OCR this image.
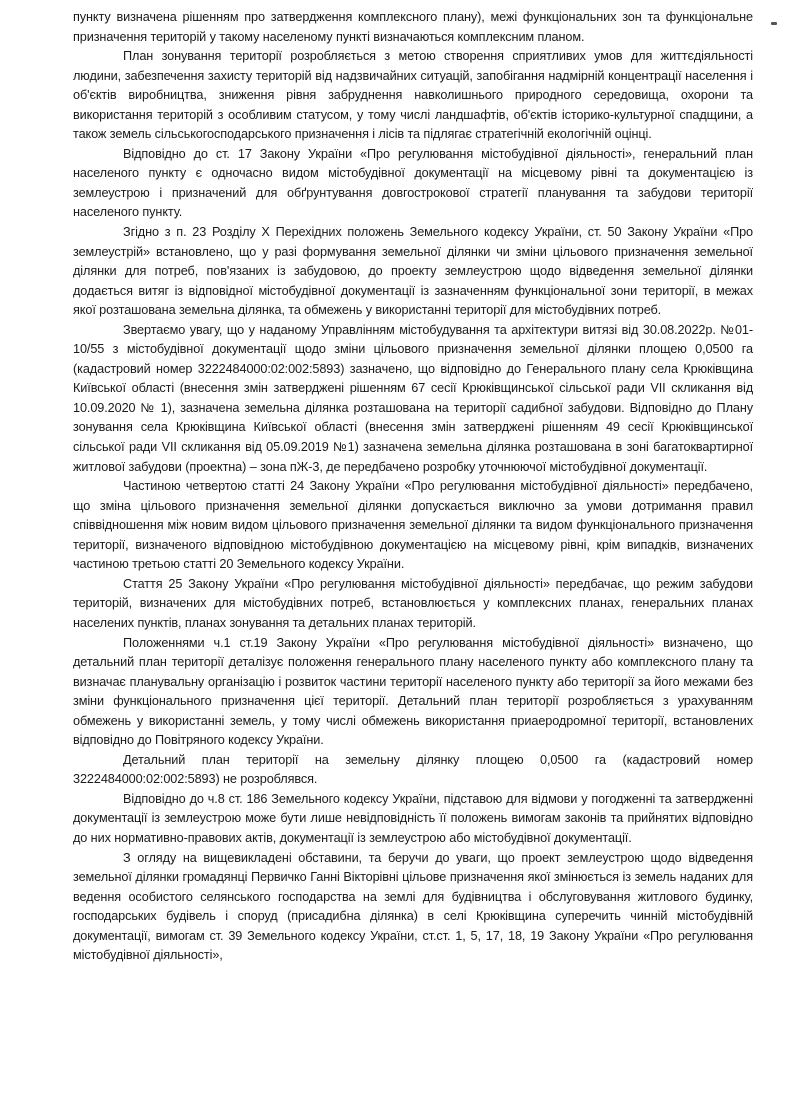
пункту визначена рішенням про затвердження комплексного плану), межі функціональних зон та функціональне призначення територій у такому населеному пункті визначаються комплексним планом.

План зонування території розробляється з метою створення сприятливих умов для життєдіяльності людини, забезпечення захисту територій від надзвичайних ситуацій, запобігання надмірній концентрації населення і об'єктів виробництва, зниження рівня забруднення навколишнього природного середовища, охорони та використання територій з особливим статусом, у тому числі ландшафтів, об'єктів історико-культурної спадщини, а також земель сільськогосподарського призначення і лісів та підлягає стратегічній екологічній оцінці.

Відповідно до ст. 17 Закону України «Про регулювання містобудівної діяльності», генеральний план населеного пункту є одночасно видом містобудівної документації на місцевому рівні та документацією із землеустрою і призначений для обґрунтування довгострокової стратегії планування та забудови території населеного пункту.

Згідно з п. 23 Розділу Х Перехідних положень Земельного кодексу України, ст. 50 Закону України «Про землеустрій» встановлено, що у разі формування земельної ділянки чи зміни цільового призначення земельної ділянки для потреб, пов'язаних із забудовою, до проекту землеустрою щодо відведення земельної ділянки додається витяг із відповідної містобудівної документації із зазначенням функціональної зони території, в межах якої розташована земельна ділянка, та обмежень у використанні території для містобудівних потреб.

Звертаємо увагу, що у наданому Управлінням містобудування та архітектури витязі від 30.08.2022р. №01-10/55 з містобудівної документації щодо зміни цільового призначення земельної ділянки площею 0,0500 га (кадастровий номер 3222484000:02:002:5893) зазначено, що відповідно до Генерального плану села Крюківщина Київської області (внесення змін затверджені рішенням 67 сесії Крюківщинської сільської ради VII скликання від 10.09.2020 № 1), зазначена земельна ділянка розташована на території садибної забудови. Відповідно до Плану зонування села Крюківщина Київської області (внесення змін затверджені рішенням 49 сесії Крюківщинської сільської ради VII скликання від 05.09.2019 №1) зазначена земельна ділянка розташована в зоні багатоквартирної житлової забудови (проектна) – зона пЖ-3, де передбачено розробку уточнюючої містобудівної документації.

Частиною четвертою статті 24 Закону України «Про регулювання містобудівної діяльності» передбачено, що зміна цільового призначення земельної ділянки допускається виключно за умови дотримання правил співвідношення між новим видом цільового призначення земельної ділянки та видом функціонального призначення території, визначеного відповідною містобудівною документацією на місцевому рівні, крім випадків, визначених частиною третьою статті 20 Земельного кодексу України.

Стаття 25 Закону України «Про регулювання містобудівної діяльності» передбачає, що режим забудови територій, визначених для містобудівних потреб, встановлюється у комплексних планах, генеральних планах населених пунктів, планах зонування та детальних планах територій.

Положеннями ч.1 ст.19 Закону України «Про регулювання містобудівної діяльності» визначено, що детальний план території деталізує положення генерального плану населеного пункту або комплексного плану та визначає планувальну організацію і розвиток частини території населеного пункту або території за його межами без зміни функціонального призначення цієї території. Детальний план території розробляється з урахуванням обмежень у використанні земель, у тому числі обмежень використання приаеродромної території, встановлених відповідно до Повітряного кодексу України.

Детальний план території на земельну ділянку площею 0,0500 га (кадастровий номер 3222484000:02:002:5893) не розроблявся.

Відповідно до ч.8 ст. 186 Земельного кодексу України, підставою для відмови у погодженні та затвердженні документації із землеустрою може бути лише невідповідність її положень вимогам законів та прийнятих відповідно до них нормативно-правових актів, документації із землеустрою або містобудівної документації.

З огляду на вищевикладені обставини, та беручи до уваги, що проект землеустрою щодо відведення земельної ділянки громадянці Первичко Ганні Вікторівні цільове призначення якої змінюється із земель наданих для ведення особистого селянського господарства на землі для будівництва і обслуговування житлового будинку, господарських будівель і споруд (присадибна ділянка) в селі Крюківщина суперечить чинній містобудівній документації, вимогам ст. 39 Земельного кодексу України, ст.ст. 1, 5, 17, 18, 19 Закону України «Про регулювання містобудівної діяльності»,
